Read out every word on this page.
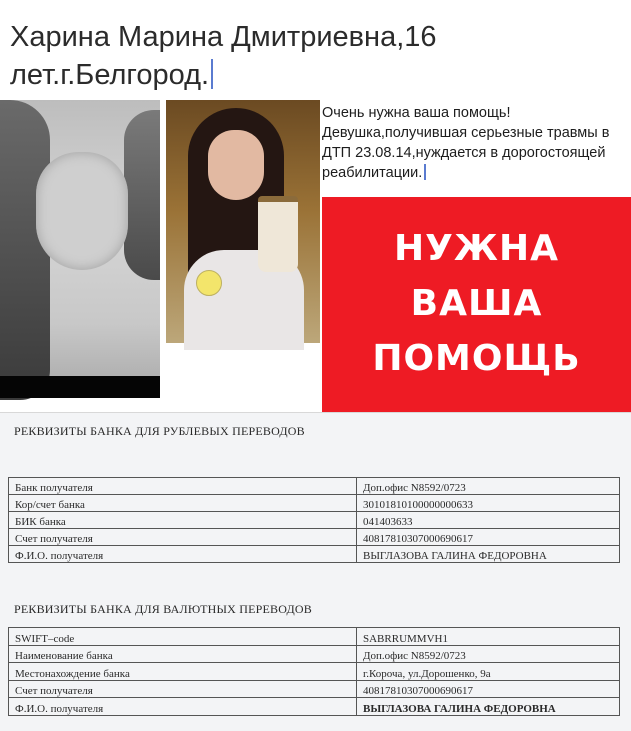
Харина Марина Дмитриевна,16
лет.г.Белгород.
Очень нужна ваша помощь! Девушка,получившая серьезные травмы в ДТП 23.08.14,нуждается в дорогостоящей реабилитации.
НУЖНА
ВАША
ПОМОЩЬ
РЕКВИЗИТЫ БАНКА ДЛЯ РУБЛЕВЫХ ПЕРЕВОДОВ
Банк получателя	Доп.офис N8592/0723
Кор/счет банка	30101810100000000633
БИК банка	041403633
Счет получателя	40817810307000690617
Ф.И.О. получателя	ВЫГЛАЗОВА ГАЛИНА ФЕДОРОВНА
РЕКВИЗИТЫ БАНКА ДЛЯ ВАЛЮТНЫХ ПЕРЕВОДОВ
SWIFT–code	SABRRUMMVH1
Наименование банка	Доп.офис N8592/0723
Местонахождение банка	г.Короча, ул.Дорошенко, 9а
Счет получателя	40817810307000690617
Ф.И.О. получателя	ВЫГЛАЗОВА ГАЛИНА ФЕДОРОВНА
